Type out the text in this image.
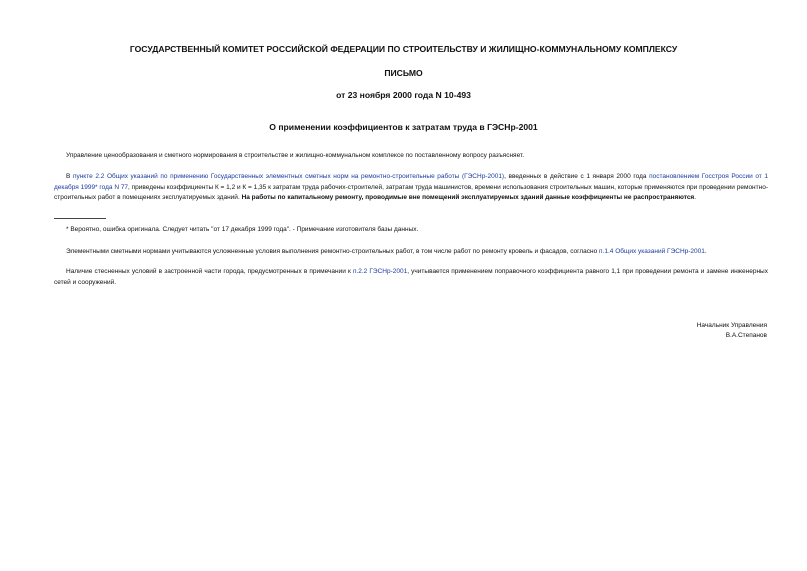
ГОСУДАРСТВЕННЫЙ КОМИТЕТ РОССИЙСКОЙ ФЕДЕРАЦИИ ПО СТРОИТЕЛЬСТВУ И ЖИЛИЩНО-КОММУНАЛЬНОМУ КОМПЛЕКСУ
ПИСЬМО
от 23 ноября 2000 года N 10-493
О применении коэффициентов к затратам труда в ГЭСНр-2001
Управление ценообразования и сметного нормирования в строительстве и жилищно-коммунальном комплексе по поставленному вопросу разъясняет.
В пункте 2.2 Общих указаний по применению Государственных элементных сметных норм на ремонтно-строительные работы (ГЭСНр-2001), введенных в действие с 1 января 2000 года постановлением Госстроя России от 1 декабря 1999* года N 77, приведены коэффициенты К = 1,2 и К = 1,35 к затратам труда рабочих-строителей, затратам труда машинистов, времени использования строительных машин, которые применяются при проведении ремонтно-строительных работ в помещениях эксплуатируемых зданий. На работы по капитальному ремонту, проводимые вне помещений эксплуатируемых зданий данные коэффициенты не распространяются.
* Вероятно, ошибка оригинала. Следует читать "от 17 декабря 1999 года". - Примечание изготовителя базы данных.
Элементными сметными нормами учитываются усложненные условия выполнения ремонтно-строительных работ, в том числе работ по ремонту кровель и фасадов, согласно п.1.4 Общих указаний ГЭСНр-2001.
Наличие стесненных условий в застроенной части города, предусмотренных в примечании к п.2.2 ГЭСНр-2001, учитывается применением поправочного коэффициента равного 1,1 при проведении ремонта и замене инженерных сетей и сооружений.
Начальник Управления
В.А.Степанов
